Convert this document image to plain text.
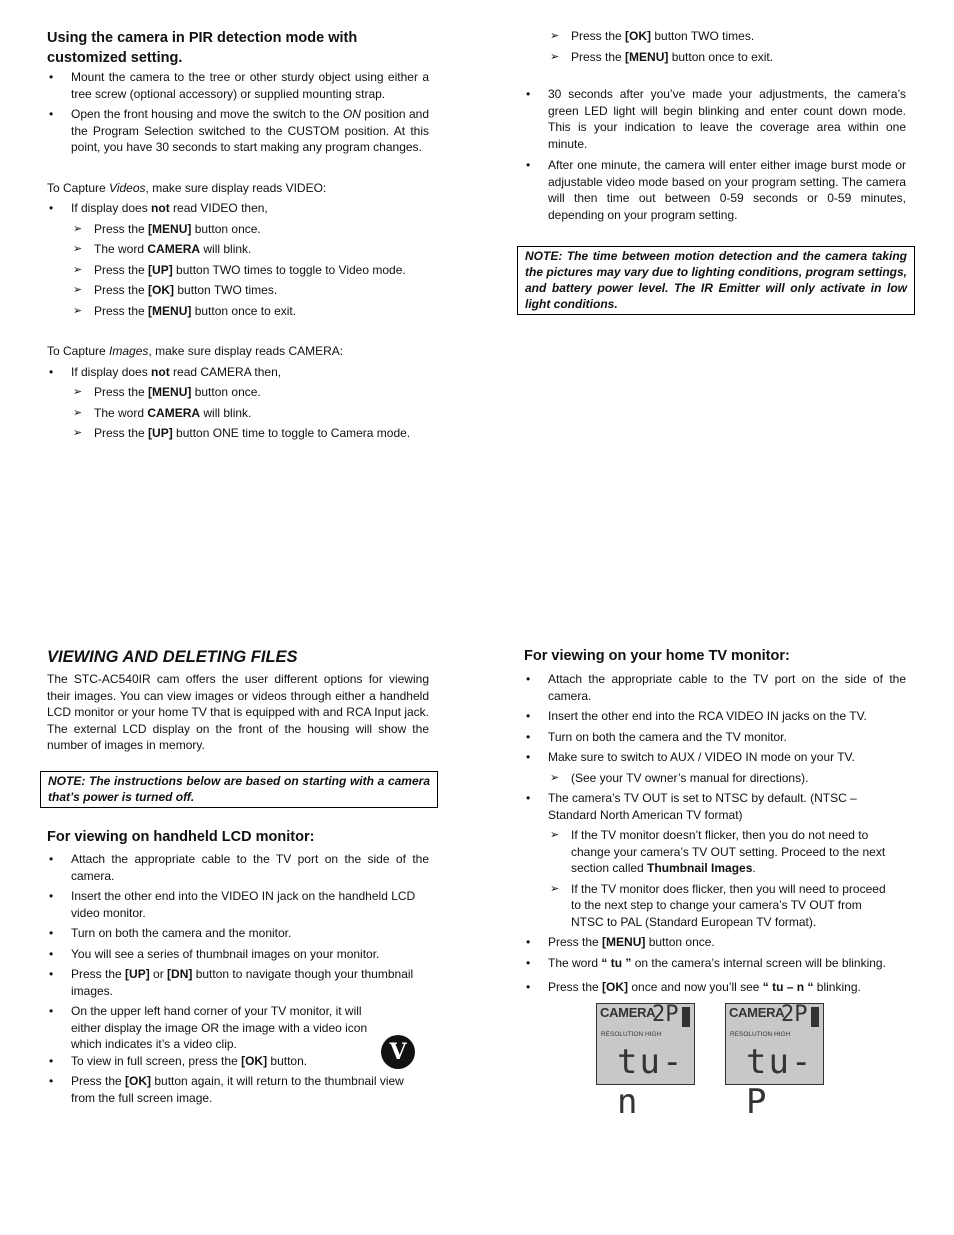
Using the camera in PIR detection mode with customized setting.

• Mount the camera to the tree or other sturdy object using either a tree screw (optional accessory) or supplied mounting strap.
• Open the front housing and move the switch to the ON position and the Program Selection switched to the CUSTOM position. At this point, you have 30 seconds to start making any program changes.

To Capture Videos, make sure display reads VIDEO:

• If display does not read VIDEO then,
➢ Press the [MENU] button once.
➢ The word CAMERA will blink.
➢ Press the [UP] button TWO times to toggle to Video mode.
➢ Press the [OK] button TWO times.
➢ Press the [MENU] button once to exit.

To Capture Images, make sure display reads CAMERA:

• If display does not read CAMERA then,
➢ Press the [MENU] button once.
➢ The word CAMERA will blink.
➢ Press the [UP] button ONE time to toggle to Camera mode.
➢ Press the [OK] button TWO times.
➢ Press the [MENU] button once to exit.
• 30 seconds after you’ve made your adjustments, the camera’s green LED light will begin blinking and enter count down mode. This is your indication to leave the coverage area within one minute.
• After one minute, the camera will enter either image burst mode or adjustable video mode based on your program setting. The camera will then time out between 0-59 seconds or 0-59 minutes, depending on your program setting.
NOTE: The time between motion detection and the camera taking the pictures may vary due to lighting conditions, program settings, and battery power level. The IR Emitter will only activate in low light conditions.

VIEWING AND DELETING FILES

The STC-AC540IR cam offers the user different options for viewing their images. You can view images or videos through either a handheld LCD monitor or your home TV that is equipped with and RCA Input jack. The external LCD display on the front of the housing will show the number of images in memory.

NOTE: The instructions below are based on starting with a camera that’s power is turned off.

For viewing on handheld LCD monitor:

• Attach the appropriate cable to the TV port on the side of the camera.
• Insert the other end into the VIDEO IN jack on the handheld LCD video monitor.
• Turn on both the camera and the monitor.
• You will see a series of thumbnail images on your monitor.
• Press the [UP] or [DN] button to navigate though your thumbnail images.
• On the upper left hand corner of your TV monitor, it will either display the image OR the image with a video icon which indicates it’s a video clip.
• To view in full screen, press the [OK] button.
• Press the [OK] button again, it will return to the thumbnail view from the full screen image.
V

For viewing on your home TV monitor:

• Attach the appropriate cable to the TV port on the side of the camera.
• Insert the other end into the RCA VIDEO IN jacks on the TV.
• Turn on both the camera and the TV monitor.
• Make sure to switch to AUX / VIDEO IN mode on your TV.
➢ (See your TV owner’s manual for directions).
• The camera’s TV OUT is set to NTSC by default. (NTSC – Standard North American TV format)
➢ If the TV monitor doesn’t flicker, then you do not need to change your camera’s TV OUT setting. Proceed to the next section called Thumbnail Images.
➢ If the TV monitor does flicker, then you will need to proceed to the next step to change your camera’s TV OUT from NTSC to PAL (Standard European TV format).
• Press the [MENU] button once.
• The word “ tu ” on the camera’s internal screen will be blinking.
• Press the [OK] once and now you’ll see “ tu – n “ blinking.
CAMERA
2P
RESOLUTION HIGH
tu-n
CAMERA
2P
RESOLUTION HIGH
tu-P
